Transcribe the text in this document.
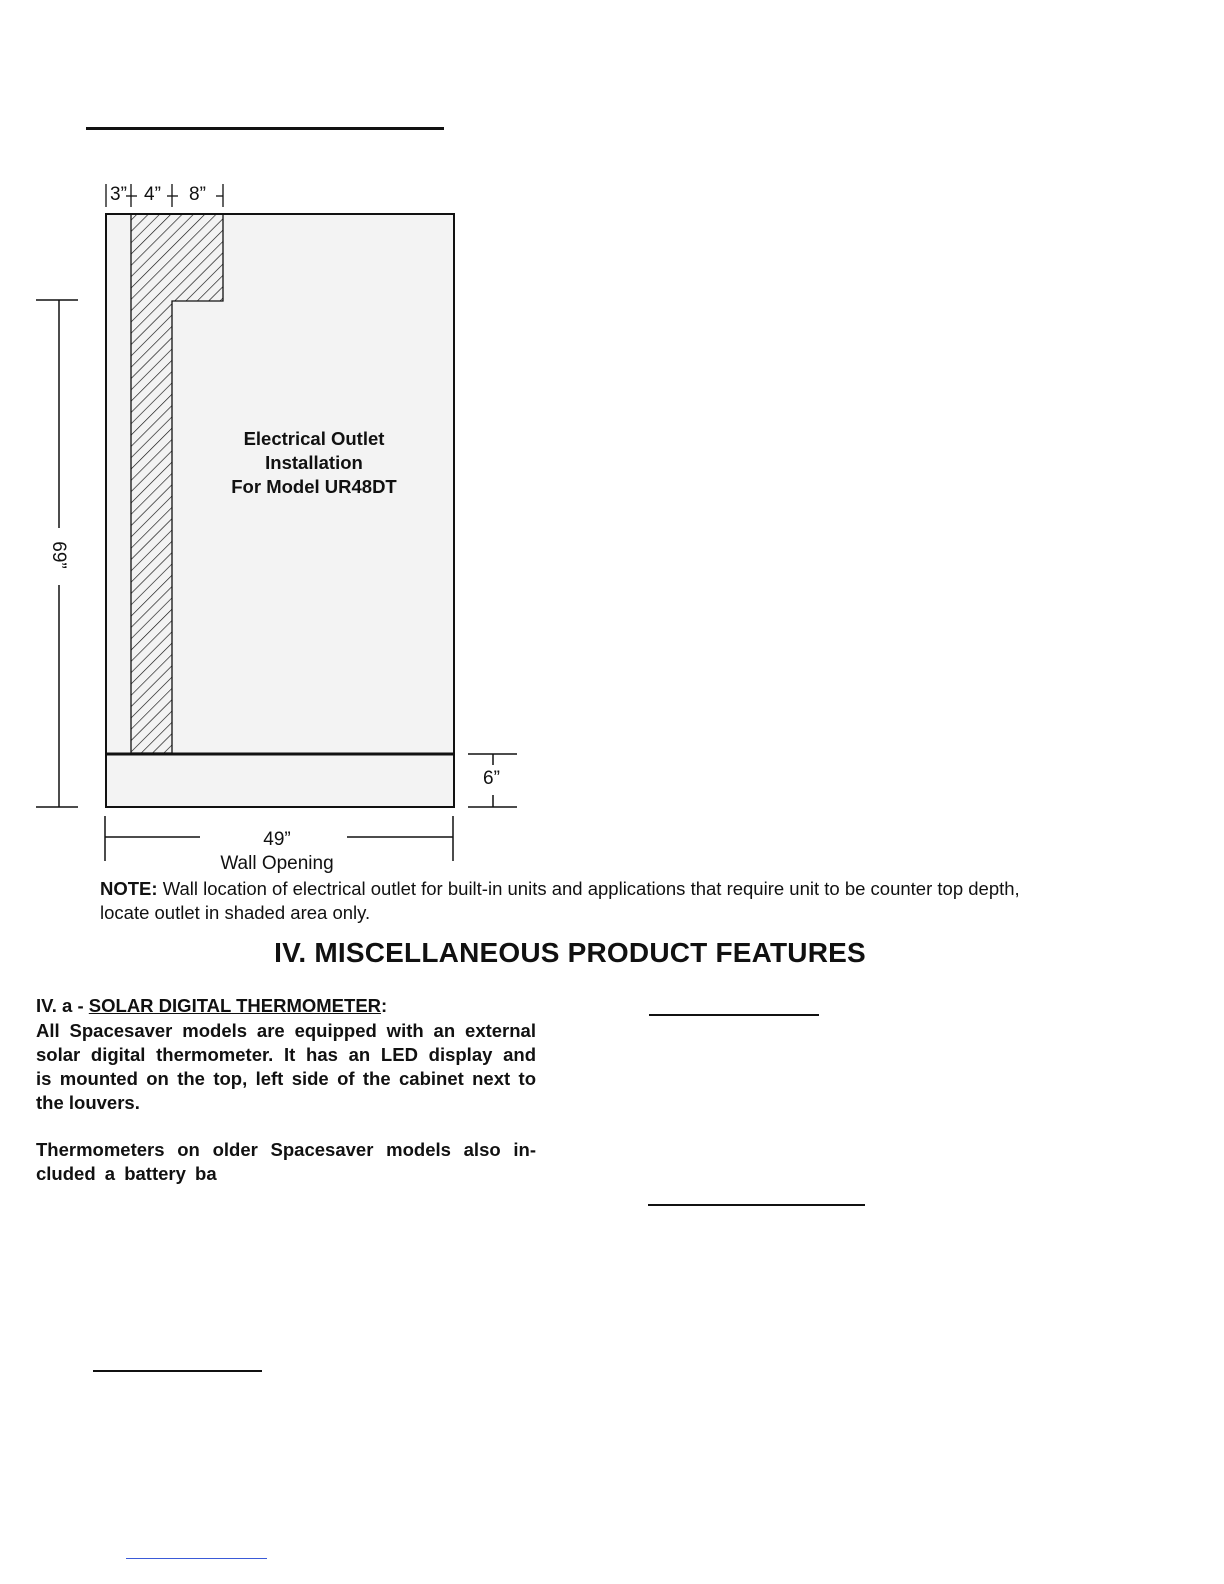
3” 4” 8”
69”
6”
49”
Wall Opening
Electrical Outlet
Installation
For Model UR48DT
NOTE: Wall location of electrical outlet for built-in units and applications that require unit to be counter top depth, locate outlet in shaded area only.
IV. MISCELLANEOUS PRODUCT FEATURES
IV. a - SOLAR DIGITAL THERMOMETER:
All Spacesaver models are equipped with an external
solar digital thermometer. It has an LED display and
is mounted on the top, left side of the cabinet next to
the louvers.
Thermometers on older Spacesaver models also in-
cluded a battery ba
